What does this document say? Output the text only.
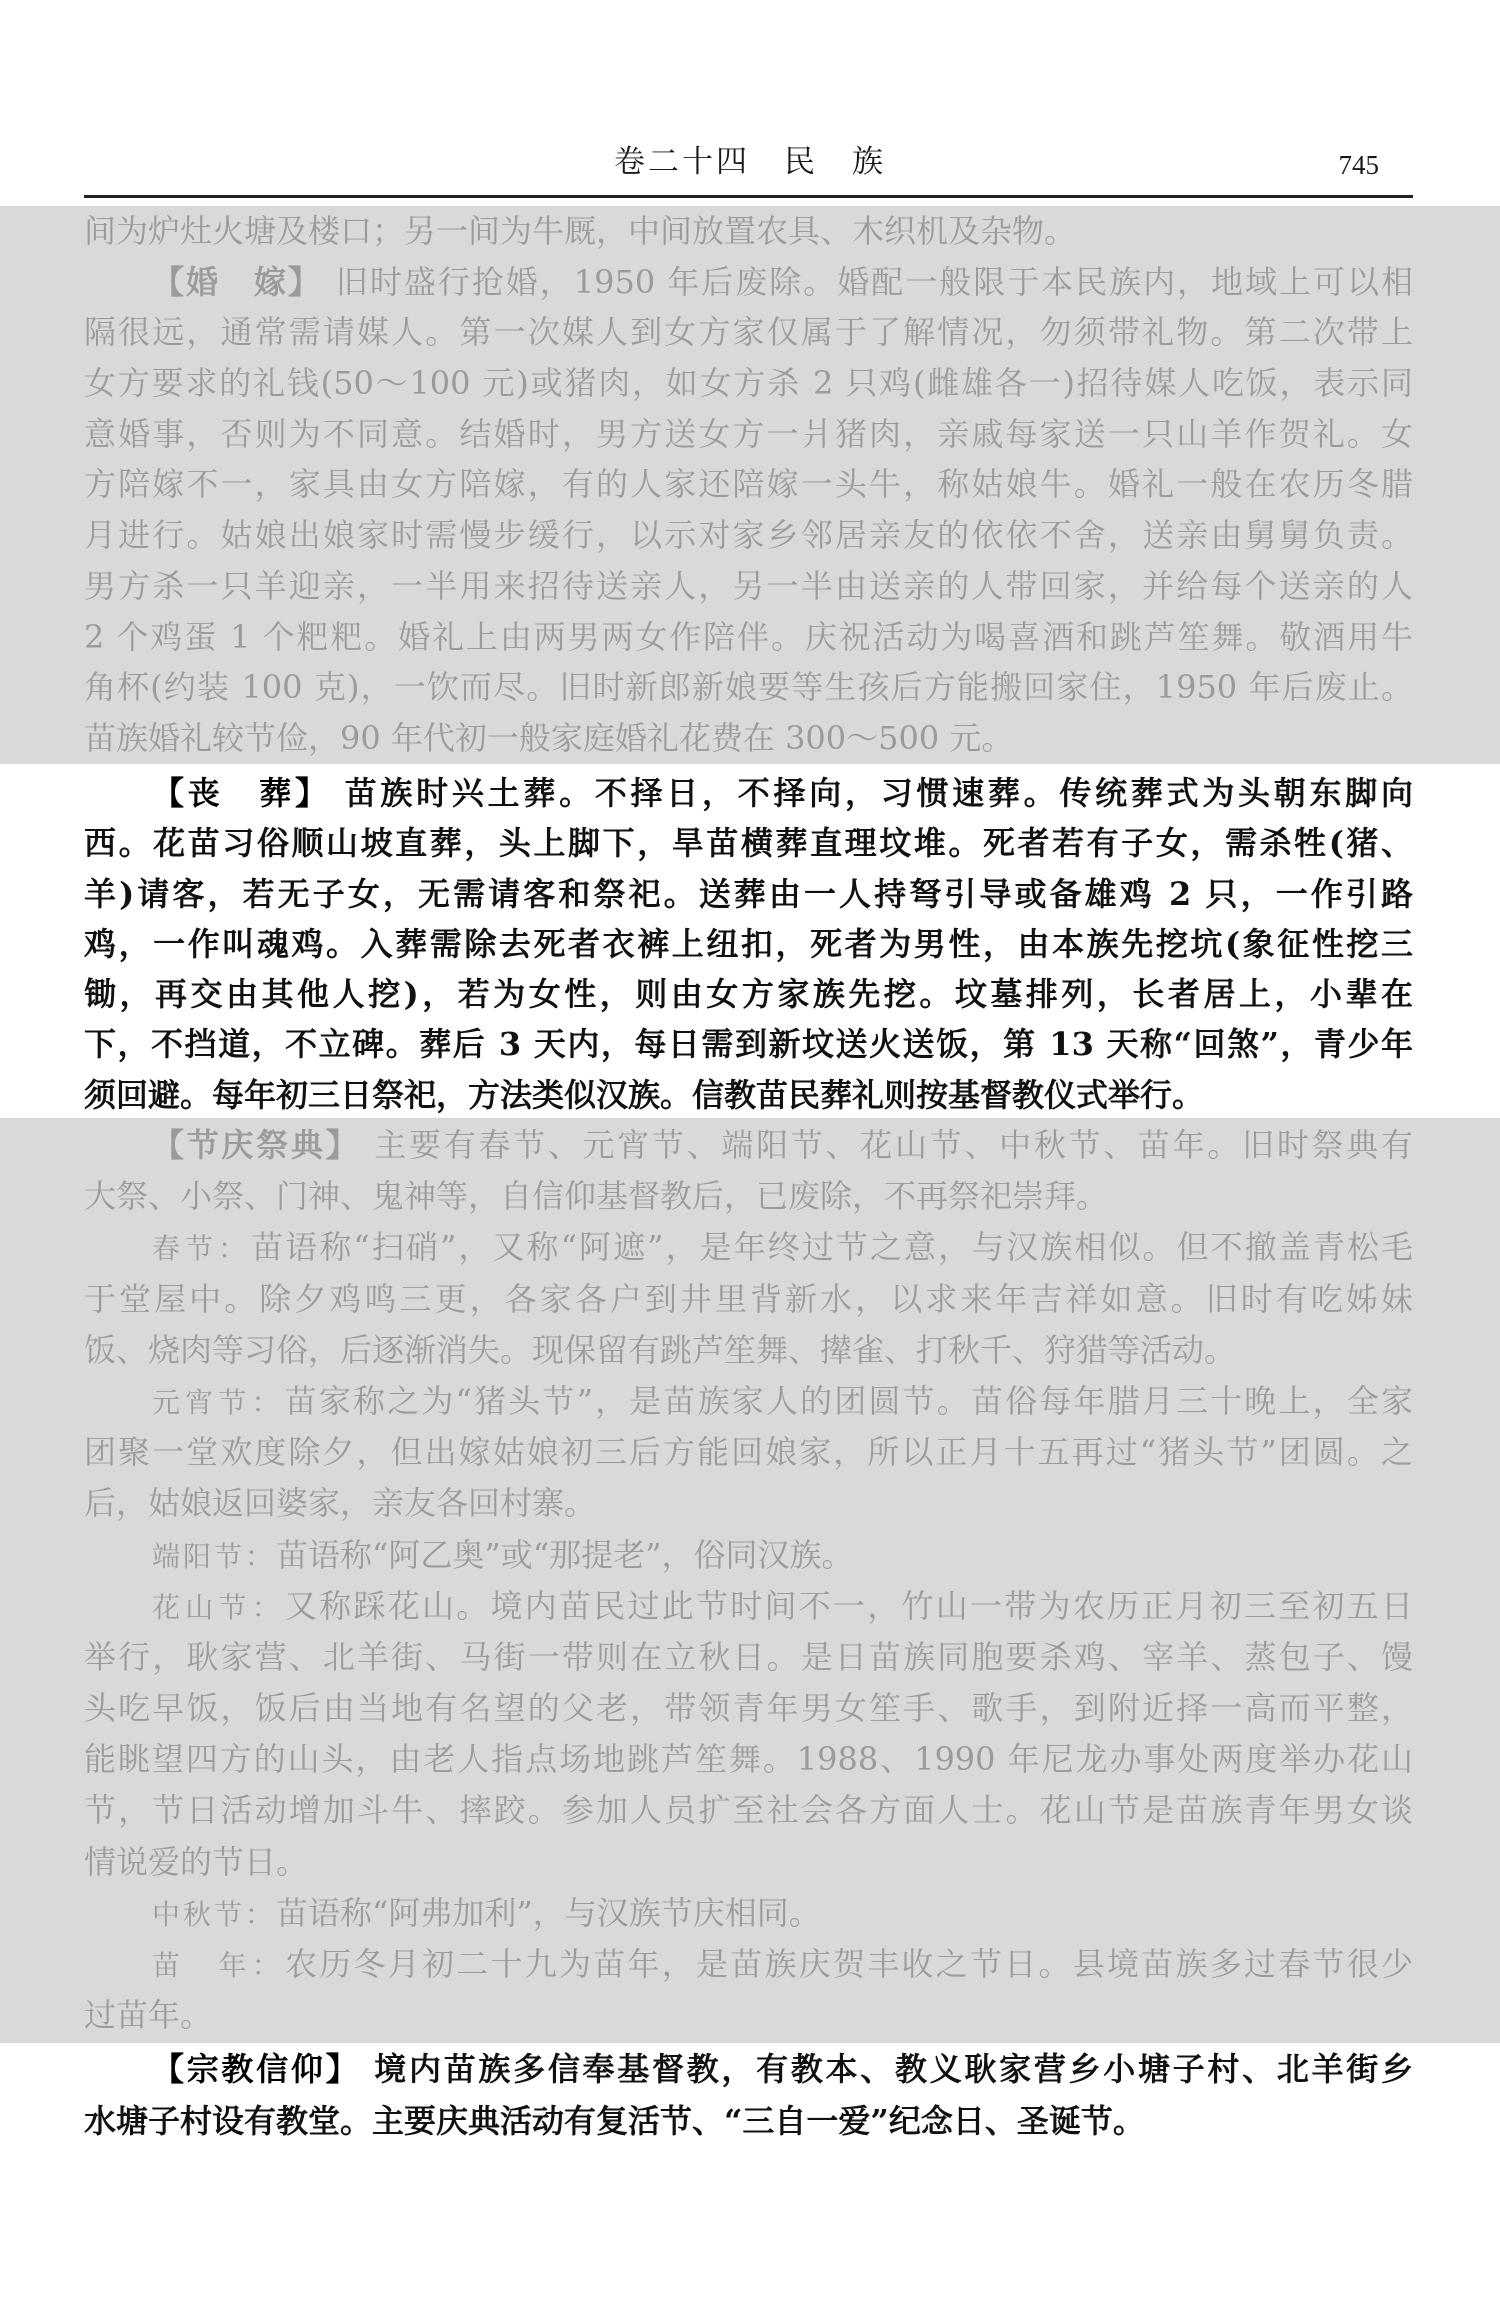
卷二十四　民　族	745

间为炉灶火塘及楼口；另一间为牛厩，中间放置农具、木织机及杂物。

【婚　嫁】 旧时盛行抢婚，1950 年后废除。婚配一般限于本民族内，地域上可以相

隔很远，通常需请媒人。第一次媒人到女方家仅属于了解情况，勿须带礼物。第二次带上

女方要求的礼钱(50～100 元)或猪肉，如女方杀 2 只鸡(雌雄各一)招待媒人吃饭，表示同

意婚事，否则为不同意。结婚时，男方送女方一爿猪肉，亲戚每家送一只山羊作贺礼。女

方陪嫁不一，家具由女方陪嫁，有的人家还陪嫁一头牛，称姑娘牛。婚礼一般在农历冬腊

月进行。姑娘出娘家时需慢步缓行，以示对家乡邻居亲友的依依不舍，送亲由舅舅负责。

男方杀一只羊迎亲，一半用来招待送亲人，另一半由送亲的人带回家，并给每个送亲的人

2 个鸡蛋 1 个粑粑。婚礼上由两男两女作陪伴。庆祝活动为喝喜酒和跳芦笙舞。敬酒用牛

角杯(约装 100 克)，一饮而尽。旧时新郎新娘要等生孩后方能搬回家住，1950 年后废止。

苗族婚礼较节俭，90 年代初一般家庭婚礼花费在 300～500 元。

【丧　葬】 苗族时兴土葬。不择日，不择向，习惯速葬。传统葬式为头朝东脚向

西。花苗习俗顺山坡直葬，头上脚下，旱苗横葬直理坟堆。死者若有子女，需杀牲(猪、

羊)请客，若无子女，无需请客和祭祀。送葬由一人持弩引导或备雄鸡 2 只，一作引路

鸡，一作叫魂鸡。入葬需除去死者衣裤上纽扣，死者为男性，由本族先挖坑(象征性挖三

锄，再交由其他人挖)，若为女性，则由女方家族先挖。坟墓排列，长者居上，小辈在

下，不挡道，不立碑。葬后 3 天内，每日需到新坟送火送饭，第 13 天称“回煞”，青少年

须回避。每年初三日祭祀，方法类似汉族。信教苗民葬礼则按基督教仪式举行。

【节庆祭典】 主要有春节、元宵节、端阳节、花山节、中秋节、苗年。旧时祭典有

大祭、小祭、门神、鬼神等，自信仰基督教后，已废除，不再祭祀崇拜。

春节：苗语称“扫硝”，又称“阿遮”，是年终过节之意，与汉族相似。但不撤盖青松毛

于堂屋中。除夕鸡鸣三更，各家各户到井里背新水，以求来年吉祥如意。旧时有吃姊妹

饭、烧肉等习俗，后逐渐消失。现保留有跳芦笙舞、撵雀、打秋千、狩猎等活动。

元宵节：苗家称之为“猪头节”，是苗族家人的团圆节。苗俗每年腊月三十晚上，全家

团聚一堂欢度除夕，但出嫁姑娘初三后方能回娘家，所以正月十五再过“猪头节”团圆。之

后，姑娘返回婆家，亲友各回村寨。

端阳节：苗语称“阿乙奥”或“那提老”，俗同汉族。

花山节：又称踩花山。境内苗民过此节时间不一，竹山一带为农历正月初三至初五日

举行，耿家营、北羊街、马街一带则在立秋日。是日苗族同胞要杀鸡、宰羊、蒸包子、馒

头吃早饭，饭后由当地有名望的父老，带领青年男女笙手、歌手，到附近择一高而平整，

能眺望四方的山头，由老人指点场地跳芦笙舞。1988、1990 年尼龙办事处两度举办花山

节，节日活动增加斗牛、摔跤。参加人员扩至社会各方面人士。花山节是苗族青年男女谈

情说爱的节日。

中秋节：苗语称“阿弗加利”，与汉族节庆相同。

苗　年：农历冬月初二十九为苗年，是苗族庆贺丰收之节日。县境苗族多过春节很少

过苗年。

【宗教信仰】 境内苗族多信奉基督教，有教本、教义耿家营乡小塘子村、北羊街乡

水塘子村设有教堂。主要庆典活动有复活节、“三自一爱”纪念日、圣诞节。
